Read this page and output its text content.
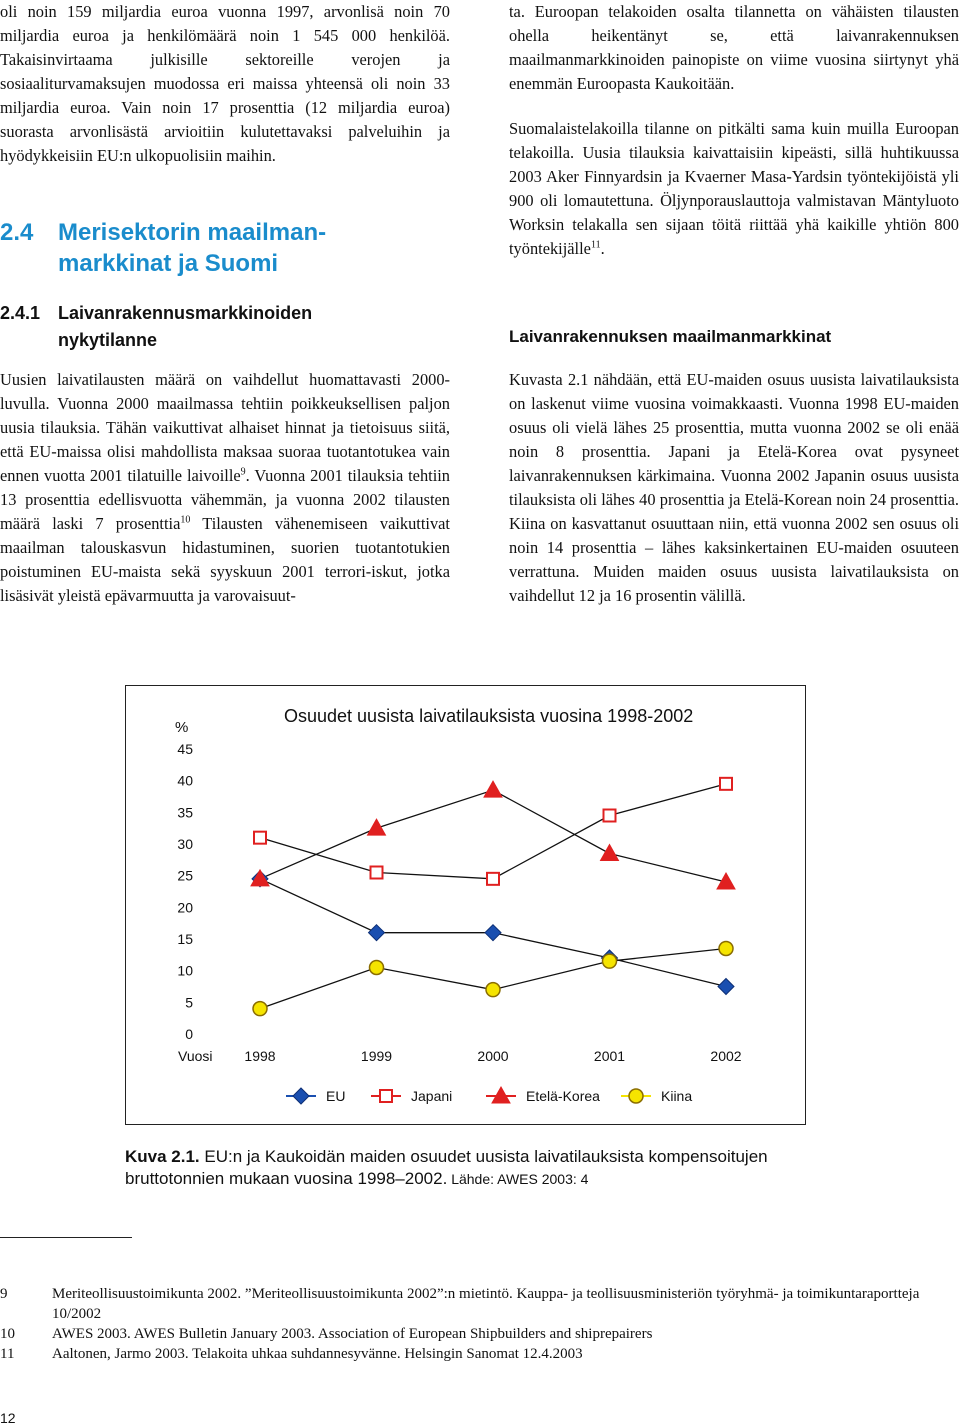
oli noin 159 miljardia euroa vuonna 1997, arvonlisä noin 70 miljardia euroa ja henkilömäärä noin 1 545 000 henkilöä. Takaisinvirtaama julkisille sektoreille verojen ja sosiaaliturvamaksujen muodossa eri maissa yhteensä oli noin 33 miljardia euroa. Vain noin 17 prosenttia (12 miljardia euroa) suorasta arvonlisästä arvioitiin kulutettavaksi palveluihin ja hyödykkeisiin EU:n ulkopuolisiin maihin.

2.4 Merisektorin maailman-
markkinat ja Suomi
2.4.1 Laivanrakennusmarkkinoiden
nykytilanne

Uusien laivatilausten määrä on vaihdellut huomattavasti 2000-luvulla. Vuonna 2000 maailmassa tehtiin poikkeuksellisen paljon uusia tilauksia. Tähän vaikuttivat alhaiset hinnat ja tietoisuus siitä, että EU-maissa olisi mahdollista maksaa suoraa tuotantotukea vain ennen vuotta 2001 tilatuille laivoille$^9$. Vuonna 2001 tilauksia tehtiin 13 prosenttia edellisvuotta vähemmän, ja vuonna 2002 tilausten määrä laski 7 prosenttia$^{10}$ Tilausten vähenemiseen vaikuttivat maailman talouskasvun hidastuminen, suorien tuotantotukien poistuminen EU-maista sekä syyskuun 2001 terrori-iskut, jotka lisäsivät yleistä epävarmuutta ja varovaisuut-

ta. Euroopan telakoiden osalta tilannetta on vähäisten tilausten ohella heikentänyt se, että laivanrakennuksen maailmanmarkkinoiden painopiste on viime vuosina siirtynyt yhä enemmän Euroopasta Kaukoitään.

Suomalaistelakoilla tilanne on pitkälti sama kuin muilla Euroopan telakoilla. Uusia tilauksia kaivattaisiin kipeästi, sillä huhtikuussa 2003 Aker Finnyardsin ja Kvaerner Masa-Yardsin työntekijöistä yli 900 oli lomautettuna. Öljynporauslauttoja valmistavan Mäntyluoto Worksin telakalla sen sijaan töitä riittää yhä kaikille yhtiön 800 työntekijälle$^{11}$.

Laivanrakennuksen maailmanmarkkinat

Kuvasta 2.1 nähdään, että EU-maiden osuus uusista laivatilauksista on laskenut viime vuosina voimakkaasti. Vuonna 1998 EU-maiden osuus oli vielä lähes 25 prosenttia, mutta vuonna 2002 se oli enää noin 8 prosenttia. Japani ja Etelä-Korea ovat pysyneet laivanrakennuksen kärkimaina. Vuonna 2002 Japanin osuus uusista tilauksista oli lähes 40 prosenttia ja Etelä-Korean noin 24 prosenttia. Kiina on kasvattanut osuuttaan niin, että vuonna 2002 sen osuus oli noin 14 prosenttia – lähes kaksinkertainen EU-maiden osuuteen verrattuna. Muiden maiden osuus uusista laivatilauksista on vaihdellut 12 ja 16 prosentin välillä.

Osuudet uusista laivatilauksista vuosina 1998-2002
%
Vuosi
0
5
10
15
20
25
30
35
40
45
1998	1999	2000	2001	2002
EU	Japani	Etelä-Korea	Kiina

Kuva 2.1. EU:n ja Kaukoidän maiden osuudet uusista laivatilauksista kompensoitujen bruttotonnien mukaan vuosina 1998–2002. Lähde: AWES 2003: 4

9	Meriteollisuustoimikunta 2002. ”Meriteollisuustoimikunta 2002”:n mietintö. Kauppa- ja teollisuusministeriön työryhmä- ja toimikuntaraportteja 10/2002
10	AWES 2003. AWES Bulletin January 2003. Association of European Shipbuilders and shiprepairers
11	Aaltonen, Jarmo 2003. Telakoita uhkaa suhdannesyvänne. Helsingin Sanomat 12.4.2003
12
